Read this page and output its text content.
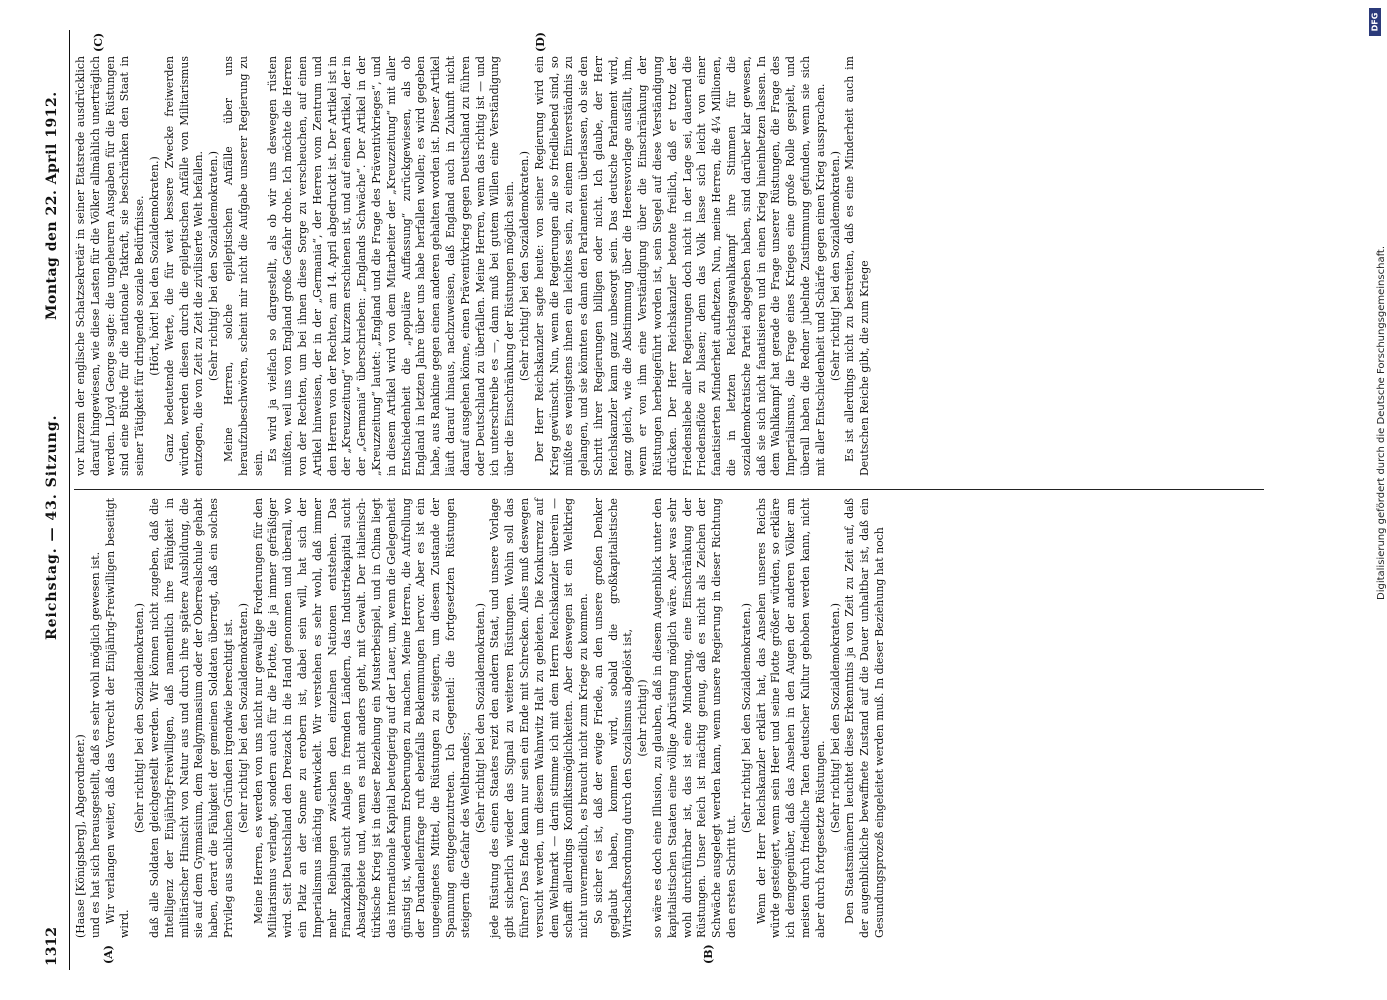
1312
Reichstag. — 43. Sitzung.
Montag den 22. April 1912.
(A)	(B)
(C)	(D)

(Haase [Königsberg], Abgeordneter.) und es hat sich herausgestellt, daß es sehr wohl möglich gewesen ist. Wir verlangen weiter, daß das Vorrecht der Einjährig-Freiwilligen beseitigt wird.

(Sehr richtig! bei den Sozialdemokraten.) daß alle Soldaten gleichgestellt werden. Wir können nicht zugeben, daß die Intelligenz der Einjährig-Freiwilligen, daß namentlich ihre Fähigkeit in militärischer Hinsicht von Natur aus und durch ihre spätere Ausbildung, die sie auf dem Gymnasium, dem Realgymnasium oder der Oberrealschule gehabt haben, derart die Fähigkeit der gemeinen Soldaten überragt, daß ein solches Privileg aus sachlichen Gründen irgendwie berechtigt ist. (Sehr richtig! bei den Sozialdemokraten.) Meine Herren, es werden von uns nicht nur gewaltige Forderungen für den Militarismus verlangt, sondern auch für die Flotte, die ja immer gefräßiger wird. Seit Deutschland den Dreizack in die Hand genommen und überall, wo ein Platz an der Sonne zu erobern ist, dabei sein will, hat sich der Imperialismus mächtig entwickelt. Wir verstehen es sehr wohl, daß immer mehr Reibungen zwischen den einzelnen Nationen entstehen. Das Finanzkapital sucht Anlage in fremden Ländern, das Industriekapital sucht Absatzgebiete und, wenn es nicht anders geht, mit Gewalt. Der italienisch-türkische Krieg ist in dieser Beziehung ein Musterbeispiel, und in China liegt das internationale Kapital beutegierig auf der Lauer, um, wenn die Gelegenheit günstig ist, wiederum Eroberungen zu machen. Meine Herren, die Aufrollung der Dardanellenfrage ruft ebenfalls Beklemmungen hervor. Aber es ist ein ungeeignetes Mittel, die Rüstungen zu steigern, um diesem Zustande der Spannung entgegenzutreten. Ich Gegenteil: die fortgesetzten Rüstungen steigern die Gefahr des Weltbrandes;

(Sehr richtig! bei den Sozialdemokraten.) jede Rüstung des einen Staates reizt den andern Staat, und unsere Vorlage gibt sicherlich wieder das Signal zu weiteren Rüstungen. Wohin soll das führen? Das Ende kann nur sein ein Ende mit Schrecken. Alles muß deswegen versucht werden, um diesem Wahnwitz Halt zu gebieten. Die Konkurrenz auf dem Weltmarkt — darin stimme ich mit dem Herrn Reichskanzler überein — schafft allerdings Konfliktsmöglichkeiten. Aber deswegen ist ein Weltkrieg nicht unvermeidlich, es braucht nicht zum Kriege zu kommen. So sicher es ist, daß der ewige Friede, an den unsere großen Denker geglaubt haben, kommen wird, sobald die großkapitalistische Wirtschaftsordnung durch den Sozialismus abgelöst ist, (sehr richtig!) so wäre es doch eine Illusion, zu glauben, daß in diesem Augenblick unter den kapitalistischen Staaten eine völlige Abrüstung möglich wäre. Aber was sehr wohl durchführbar ist, das ist eine Minderung, eine Einschränkung der Rüstungen. Unser Reich ist mächtig genug, daß es nicht als Zeichen der Schwäche ausgelegt werden kann, wenn unsere Regierung in dieser Richtung den ersten Schritt tut.

(Sehr richtig! bei den Sozialdemokraten.) Wenn der Herr Reichskanzler erklärt hat, das Ansehen unseres Reichs würde gesteigert, wenn sein Heer und seine Flotte größer würden, so erkläre ich demgegenüber, daß das Ansehen in den Augen der anderen Völker am meisten durch friedliche Taten deutscher Kultur gehoben werden kann, nicht aber durch fortgesetzte Rüstungen.

(Sehr richtig! bei den Sozialdemokraten.) Den Staatsmännern leuchtet diese Erkenntnis ja von Zeit zu Zeit auf, daß der augenblickliche bewaffnete Zustand auf die Dauer unhaltbar ist, daß ein Gesundungsprozeß eingeleitet werden muß. In dieser Beziehung hat noch

vor kurzem der englische Schatzsekretär in seiner Etatsrede ausdrücklich darauf hingewiesen, wie diese Lasten für die Völker allmählich unerträglich werden. Lloyd George sagte: die ungeheuren Ausgaben für die Rüstungen sind eine Bürde für die nationale Tatkraft, sie beschränken den Staat in seiner Tätigkeit für dringende soziale Bedürfnisse. (Hört, hört! bei den Sozialdemokraten.) Ganz bedeutende Werte, die für weit bessere Zwecke freiwerden würden, werden diesen durch die epileptischen Anfälle von Militarismus entzogen, die von Zeit zu Zeit die zivilisierte Welt befallen. (Sehr richtig! bei den Sozialdemokraten.) Meine Herren, solche epileptischen Anfälle über uns heraufzubeschwören, scheint mir nicht die Aufgabe unserer Regierung zu sein.

Es wird ja vielfach so dargestellt, als ob wir uns deswegen rüsten müßten, weil uns von England große Gefahr drohe. Ich möchte die Herren von der Rechten, um bei ihnen diese Sorge zu verscheuchen, auf einen Artikel hinweisen, der in der „Germania“, der Herren vom Zentrum und den Herren von der Rechten, am 14. April abgedruckt ist. Der Artikel ist in der „Kreuzzeitung“ vor kurzem erschienen ist, und auf einen Artikel, der in der „Germania“ überschrieben: „Englands Schwäche“. Der Artikel in der „Kreuzzeitung“ lautet: „England und die Frage des Präventivkrieges“, und in diesem Artikel wird von dem Mitarbeiter der „Kreuzzeitung“ mit aller Entschiedenheit die „populäre Auffassung“ zurückgewiesen, als ob England in letzten Jahre über uns habe herfallen wollen; es wird gegeben habe, aus Rankine gegen einen anderen gehalten worden ist. Dieser Artikel läuft darauf hinaus, nachzuweisen, daß England auch in Zukunft nicht darauf ausgehen könne, einen Präventivkrieg gegen Deutschland zu führen oder Deutschland zu überfallen. Meine Herren, wenn das richtig ist — und ich unterschreibe es —, dann muß bei gutem Willen eine Verständigung über die Einschränkung der Rüstungen möglich sein. (Sehr richtig! bei den Sozialdemokraten.) Der Herr Reichskanzler sagte heute: von seiner Regierung wird ein Krieg gewünscht. Nun, wenn die Regierungen alle so friedliebend sind, so müßte es wenigstens ihnen ein leichtes sein, zu einem Einverständnis zu gelangen, und sie könnten es dann den Parlamenten überlassen, ob sie den Schritt ihrer Regierungen billigen oder nicht. Ich glaube, der Herr Reichskanzler kann ganz unbesorgt sein. Das deutsche Parlament wird, ganz gleich, wie die Abstimmung über die Heeresvorlage ausfällt, ihm, wenn er von ihm eine Verständigung über die Einschränkung der Rüstungen herbeigeführt worden ist, sein Siegel auf diese Verständigung drücken. Der Herr Reichskanzler betonte freilich, daß er trotz der Friedensliebe aller Regierungen doch nicht in der Lage sei, dauernd die Friedensflöte zu blasen; denn das Volk lasse sich leicht von einer fanatisierten Minderheit aufhetzen. Nun, meine Herren, die 4¼ Millionen, die in letzten Reichstagswahlkampf ihre Stimmen für die sozialdemokratische Partei abgegeben haben, sind darüber klar gewesen, daß sie sich nicht fanatisieren und in einen Krieg hineinhetzen lassen. In dem Wahlkampf hat gerade die Frage unserer Rüstungen, die Frage des Imperialismus, die Frage eines Krieges eine große Rolle gespielt, und überall haben die Redner jubelnde Zustimmung gefunden, wenn sie sich mit aller Entschiedenheit und Schärfe gegen einen Krieg aussprachen. (Sehr richtig! bei den Sozialdemokraten.) Es ist allerdings nicht zu bestreiten, daß es eine Minderheit auch im Deutschen Reiche gibt, die zum Kriege

DFG
Digitalisierung gefördert durch die Deutsche Forschungsgemeinschaft.
